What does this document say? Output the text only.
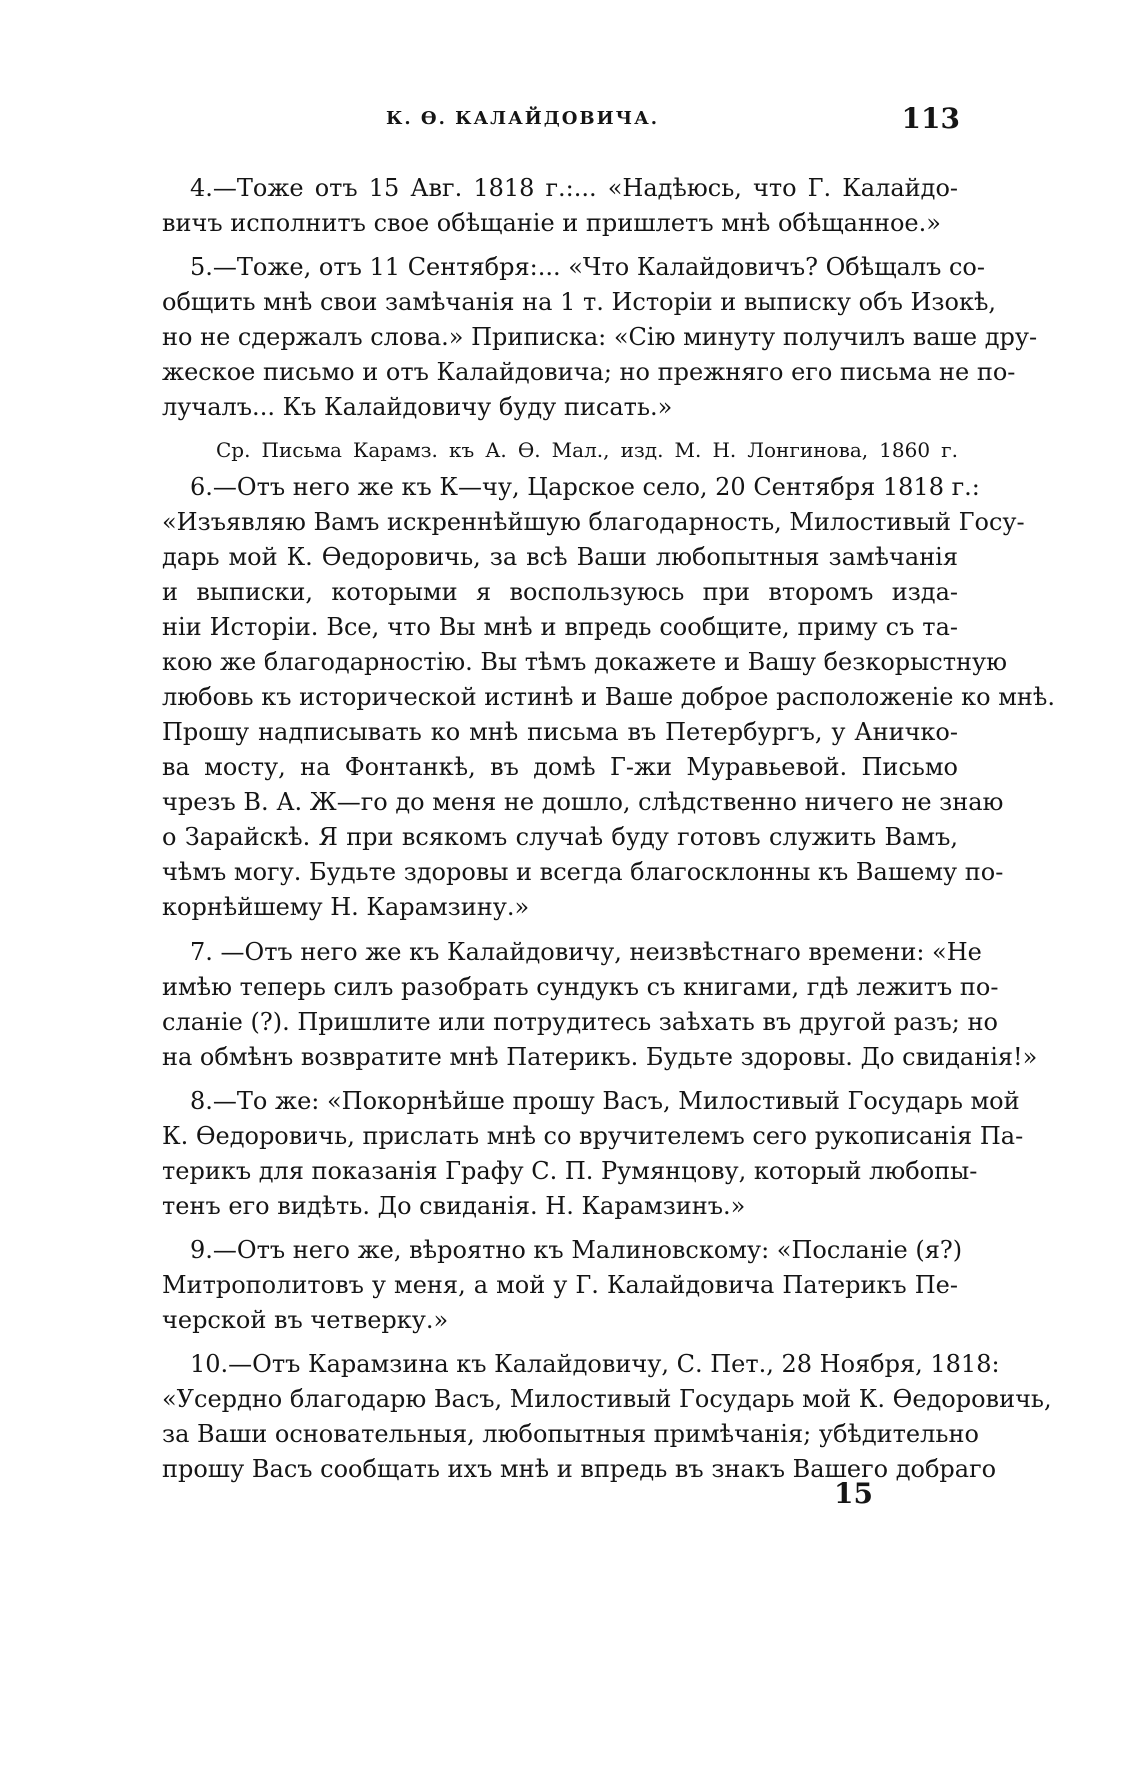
К. Ѳ. КАЛАЙДОВИЧА.	113
4.—Тоже отъ 15 Авг. 1818 г.:... «Надѣюсь, что Г. Калайдо-
вичъ исполнитъ свое обѣщаніе и пришлетъ мнѣ обѣщанное.»
5.—Тоже, отъ 11 Сентября:... «Что Калайдовичъ? Обѣщалъ со-
общить мнѣ свои замѣчанія на 1 т. Исторіи и выписку объ Изокѣ,
но не сдержалъ слова.» Приписка: «Сію минуту получилъ ваше дру-
жеское письмо и отъ Калайдовича; но прежняго его письма не по-
лучалъ... Къ Калайдовичу буду писать.»
Ср. Письма Карамз. къ А. Ѳ. Мал., изд. М. Н. Лонгинова, 1860 г.
6.—Отъ него же къ К—чу, Царское село, 20 Сентября 1818 г.:
«Изъявляю Вамъ искреннѣйшую благодарность, Милостивый Госу-
дарь мой К. Ѳедоровичь, за всѣ Ваши любопытныя замѣчанія
и выписки, которыми я воспользуюсь при второмъ изда-
ніи Исторіи. Все, что Вы мнѣ и впредь сообщите, приму съ та-
кою же благодарностію. Вы тѣмъ докажете и Вашу безкорыстную
любовь къ исторической истинѣ и Ваше доброе расположеніе ко мнѣ.
Прошу надписывать ко мнѣ письма въ Петербургъ, у Аничко-
ва мосту, на Фонтанкѣ, въ домѣ Г-жи Муравьевой. Письмо
чрезъ В. А. Ж—го до меня не дошло, слѣдственно ничего не знаю
о Зарайскѣ. Я при всякомъ случаѣ буду готовъ служить Вамъ,
чѣмъ могу. Будьте здоровы и всегда благосклонны къ Вашему по-
корнѣйшему Н. Карамзину.»
7. —Отъ него же къ Калайдовичу, неизвѣстнаго времени: «Не
имѣю теперь силъ разобрать сундукъ съ книгами, гдѣ лежитъ по-
сланіе (?). Пришлите или потрудитесь заѣхать въ другой разъ; но
на обмѣнъ возвратите мнѣ Патерикъ. Будьте здоровы. До свиданія!»
8.—То же: «Покорнѣйше прошу Васъ, Милостивый Государь мой
К. Ѳедоровичь, прислать мнѣ со вручителемъ сего рукописанія Па-
терикъ для показанія Графу С. П. Румянцову, который любопы-
тенъ его видѣть. До свиданія. Н. Карамзинъ.»
9.—Отъ него же, вѣроятно къ Малиновскому: «Посланіе (я?)
Митрополитовъ у меня, а мой у Г. Калайдовича Патерикъ Пе-
черской въ четверку.»
10.—Отъ Карамзина къ Калайдовичу, С. Пет., 28 Ноября, 1818:
«Усердно благодарю Васъ, Милостивый Государь мой К. Ѳедоровичь,
за Ваши основательныя, любопытныя примѣчанія; убѣдительно
прошу Васъ сообщать ихъ мнѣ и впредь въ знакъ Вашего добраго
15
